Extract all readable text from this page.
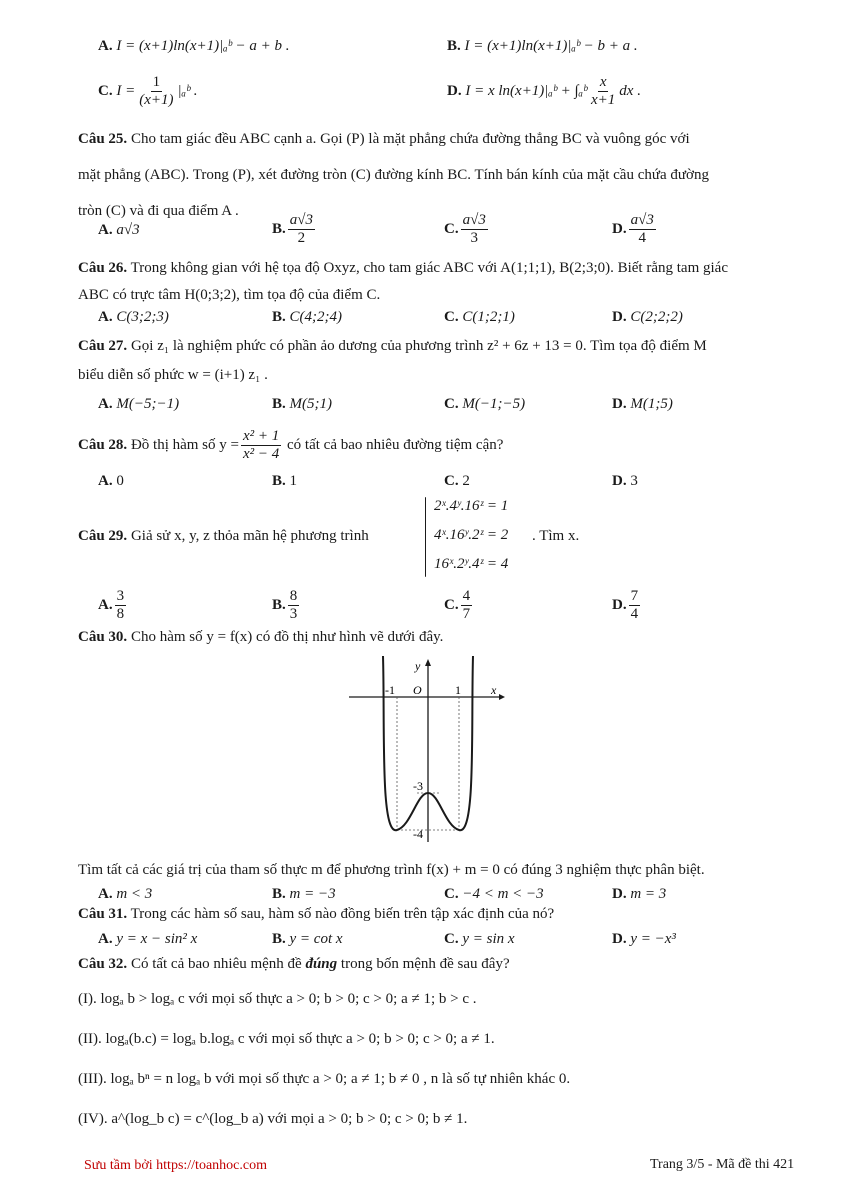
A. I = (x+1)ln(x+1)|ₐᵇ − a + b .	B. I = (x+1)ln(x+1)|ₐᵇ − b + a .
C. $I = \frac{1}{(x+1)}$ |ₐᵇ .	D. I = x ln(x+1)|ₐᵇ + ∫ₐᵇ $\frac{x}{x+1}$ dx .
Câu 25. Cho tam giác đều ABC cạnh a. Gọi (P) là mặt phẳng chứa đường thẳng BC và vuông góc với
mặt phẳng (ABC). Trong (P), xét đường tròn (C) đường kính BC. Tính bán kính của mặt cầu chứa đường
tròn (C) và đi qua điểm A .
A. a√3	B. $\frac{a√3}{2}$	C. $\frac{a√3}{3}$	D. $\frac{a√3}{4}$
Câu 26. Trong không gian với hệ tọa độ Oxyz, cho tam giác ABC với A(1;1;1), B(2;3;0). Biết rằng tam giác
ABC có trực tâm H(0;3;2), tìm tọa độ của điểm C.
A. C(3;2;3)	B. C(4;2;4)	C. C(1;2;1)	D. C(2;2;2)
Câu 27. Gọi z₁ là nghiệm phức có phần ảo dương của phương trình z² + 6z + 13 = 0. Tìm tọa độ điểm M
biểu diễn số phức w = (i+1) z₁ .
A. M(−5;−1)	B. M(5;1)	C. M(−1;−5)	D. M(1;5)
Câu 28. Đồ thị hàm số $y = \frac{\text{x² + 1}}{\text{x² − 4}}$ có tất cả bao nhiêu đường tiệm cận?
A. 0	B. 1	C. 2	D. 3
Câu 29. Giả sử x, y, z thỏa mãn hệ phương trình
2ˣ.4ʸ.16ᶻ = 1
4ˣ.16ʸ.2ᶻ = 2
16ˣ.2ʸ.4ᶻ = 4
. Tìm x.
A. $\frac{3}{8}$	B. $\frac{8}{3}$	C. $\frac{4}{7}$	D. $\frac{7}{4}$
Câu 30. Cho hàm số y = f(x) có đồ thị như hình vẽ dưới đây.
y
x
O
-1	1
-3
-4
Tìm tất cả các giá trị của tham số thực m để phương trình f(x) + m = 0 có đúng 3 nghiệm thực phân biệt.
A. m < 3	B. m = −3	C. −4 < m < −3	D. m = 3
Câu 31. Trong các hàm số sau, hàm số nào đồng biến trên tập xác định của nó?
A. y = x − sin² x	B. y = cot x	C. y = sin x	D. y = −x³
Câu 32. Có tất cả bao nhiêu mệnh đề đúng trong bốn mệnh đề sau đây?
(I). logₐ b > logₐ c với mọi số thực a > 0; b > 0; c > 0; a ≠ 1; b > c .
(II). logₐ(b.c) = logₐ b.logₐ c với mọi số thực a > 0; b > 0; c > 0; a ≠ 1.
(III). logₐ bⁿ = n logₐ b với mọi số thực a > 0; a ≠ 1; b ≠ 0 , n là số tự nhiên khác 0.
(IV). a^(log_b c) = c^(log_b a) với mọi a > 0; b > 0; c > 0; b ≠ 1.
Sưu tầm bởi https://toanhoc.com	Trang 3/5 - Mã đề thi 421
